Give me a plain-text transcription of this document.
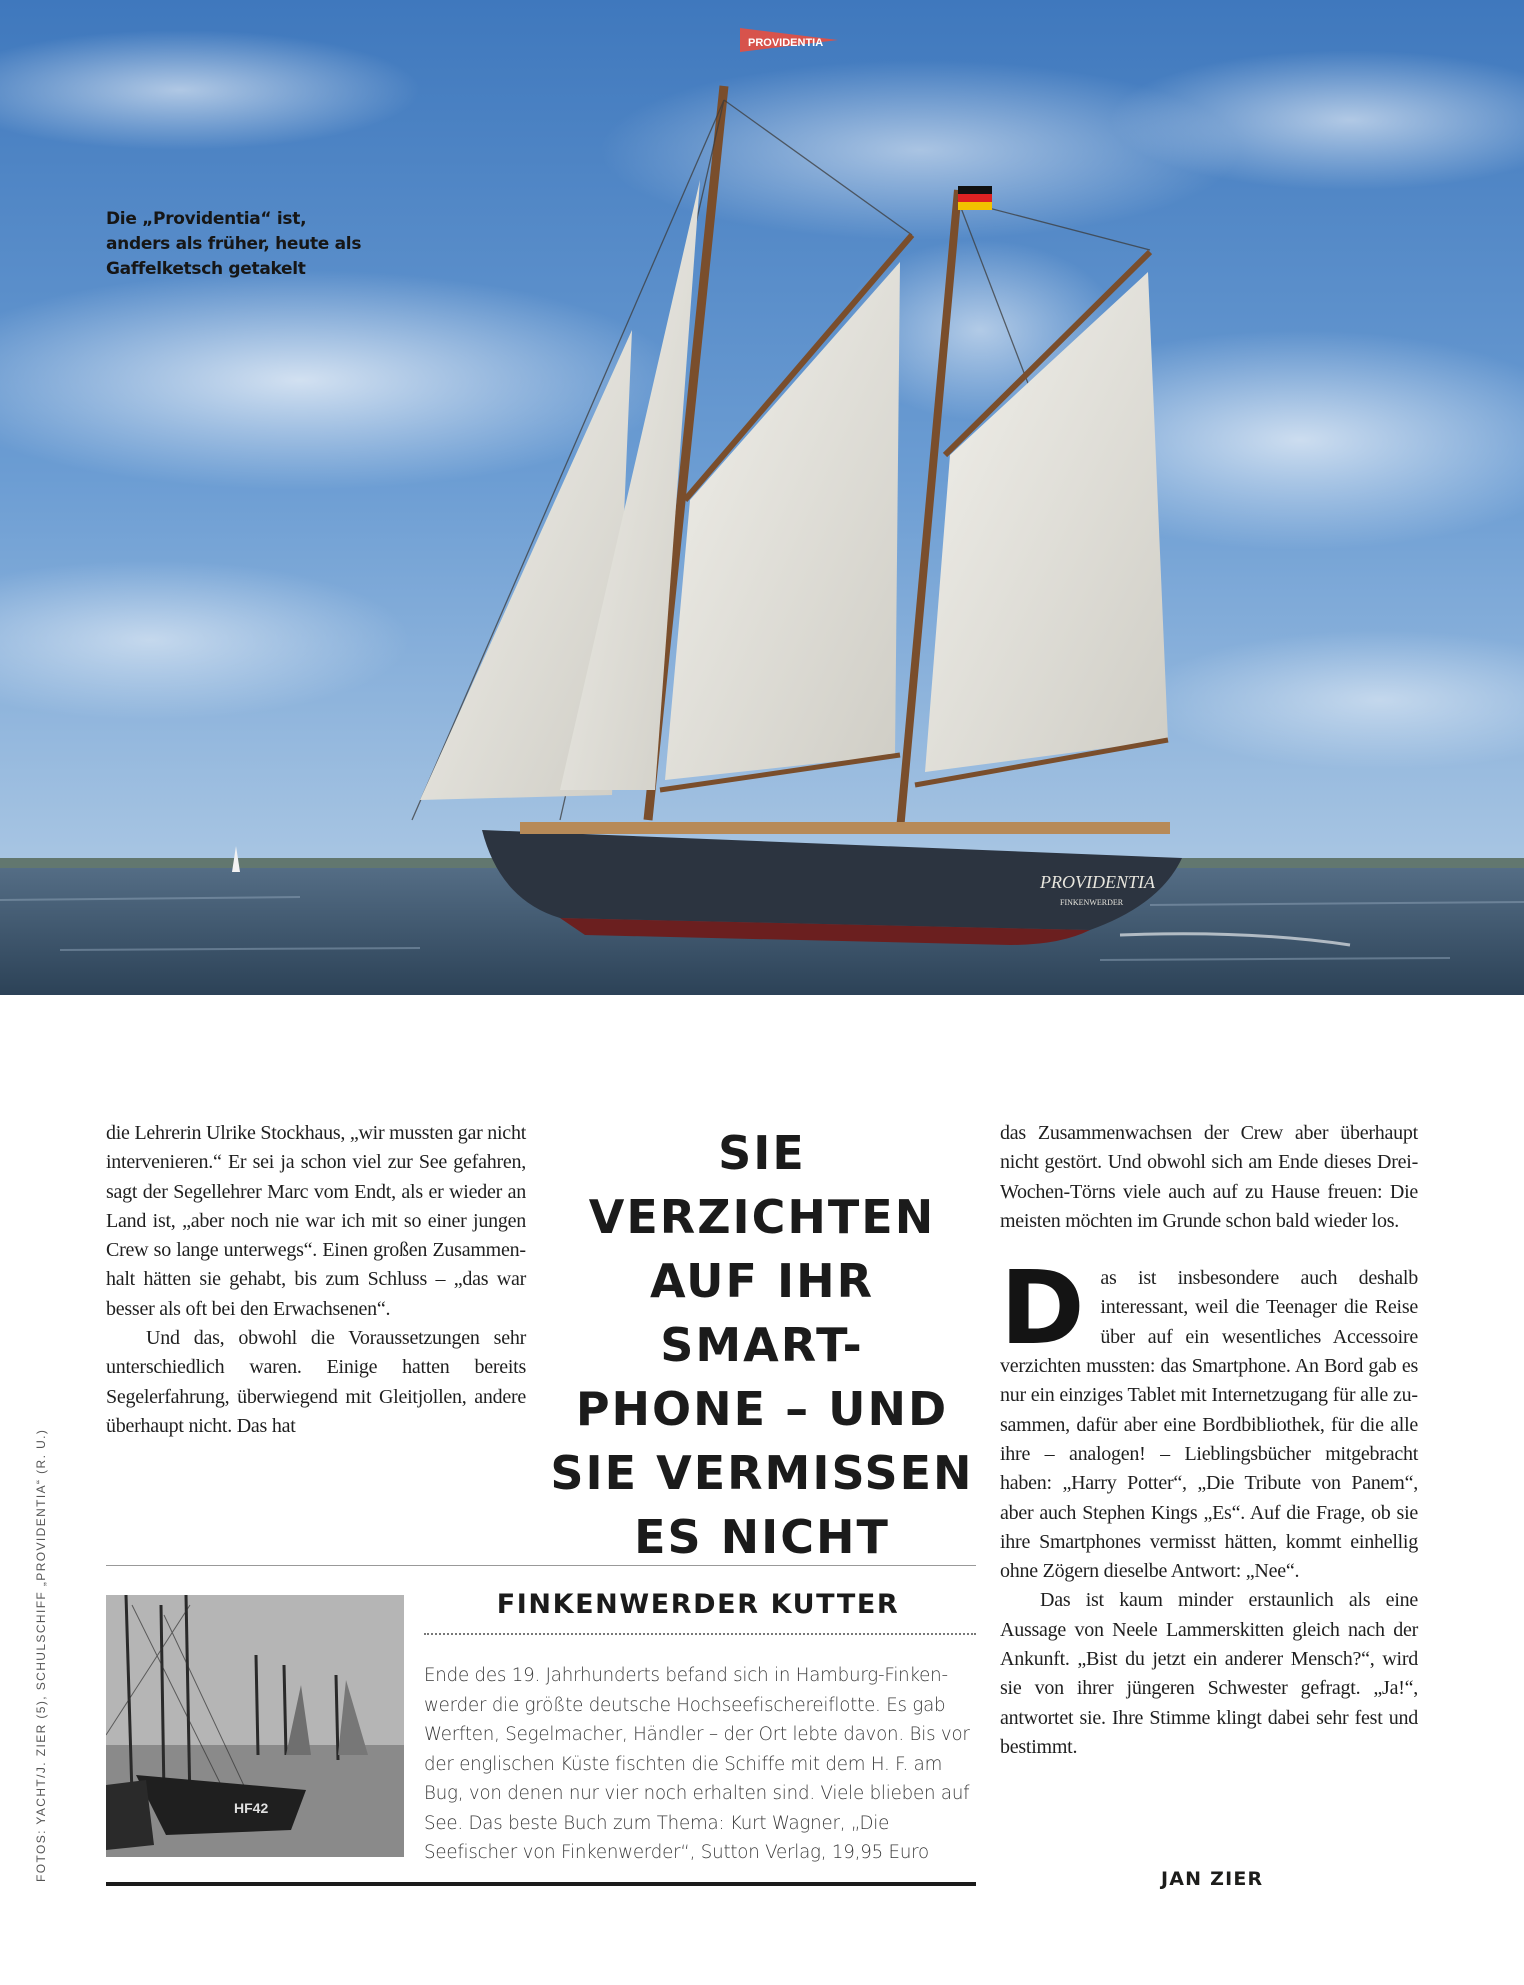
PROVIDENTIA
PROVIDENTIA
FINKENWERDER
Die „Providentia“ ist,
anders als früher, heute als
Gaffelketsch getakelt
FOTOS: YACHT/J. ZIER (5), SCHULSCHIFF „PROVIDENTIA“ (R. U.)

die Lehrerin Ulrike Stockhaus, „wir mussten gar nicht intervenieren.“ Er sei ja schon viel zur See gefahren, sagt der Segellehrer Marc vom Endt, als er wieder an Land ist, „aber noch nie war ich mit so einer jungen Crew so lange unterwegs“. Einen großen Zusammenhalt hätten sie gehabt, bis zum Schluss – „das war besser als oft bei den Erwachsenen“.

Und das, obwohl die Voraussetzungen sehr unterschiedlich waren. Einige hatten bereits Segelerfahrung, überwiegend mit Gleitjollen, andere überhaupt nicht. Das hat

SIE VERZICHTEN
AUF IHR SMART-
PHONE – UND
SIE VERMISSEN
ES NICHT

das Zusammenwachsen der Crew aber überhaupt nicht gestört. Und obwohl sich am Ende dieses Drei-Wochen-Törns viele auch auf zu Hause freuen: Die meisten möchten im Grunde schon bald wieder los.

Das ist insbesondere auch deshalb interessant, weil die Teenager die Reise über auf ein wesentliches Accessoire verzichten mussten: das Smartphone. An Bord gab es nur ein einziges Tablet mit Internetzugang für alle zusammen, dafür aber eine Bordbibliothek, für die alle ihre – analogen! – Lieblingsbücher mitgebracht haben: „Harry Potter“, „Die Tribute von Panem“, aber auch Stephen Kings „Es“. Auf die Frage, ob sie ihre Smartphones vermisst hätten, kommt einhellig ohne Zögern dieselbe Antwort: „Nee“.

Das ist kaum minder erstaunlich als eine Aussage von Neele Lammerskitten gleich nach der Ankunft. „Bist du jetzt ein anderer Mensch?“, wird sie von ihrer jüngeren Schwester gefragt. „Ja!“, antwortet sie. Ihre Stimme klingt dabei sehr fest und bestimmt.

JAN ZIER
HF42
FINKENWERDER KUTTER
Ende des 19. Jahrhunderts befand sich in Hamburg-Finkenwerder die größte deutsche Hochseefischereiflotte. Es gab Werften, Segelmacher, Händler – der Ort lebte davon. Bis vor der englischen Küste fischten die Schiffe mit dem H. F. am Bug, von denen nur vier noch erhalten sind. Viele blieben auf See. Das beste Buch zum Thema: Kurt Wagner, „Die Seefischer von Finkenwerder“, Sutton Verlag, 19,95 Euro
